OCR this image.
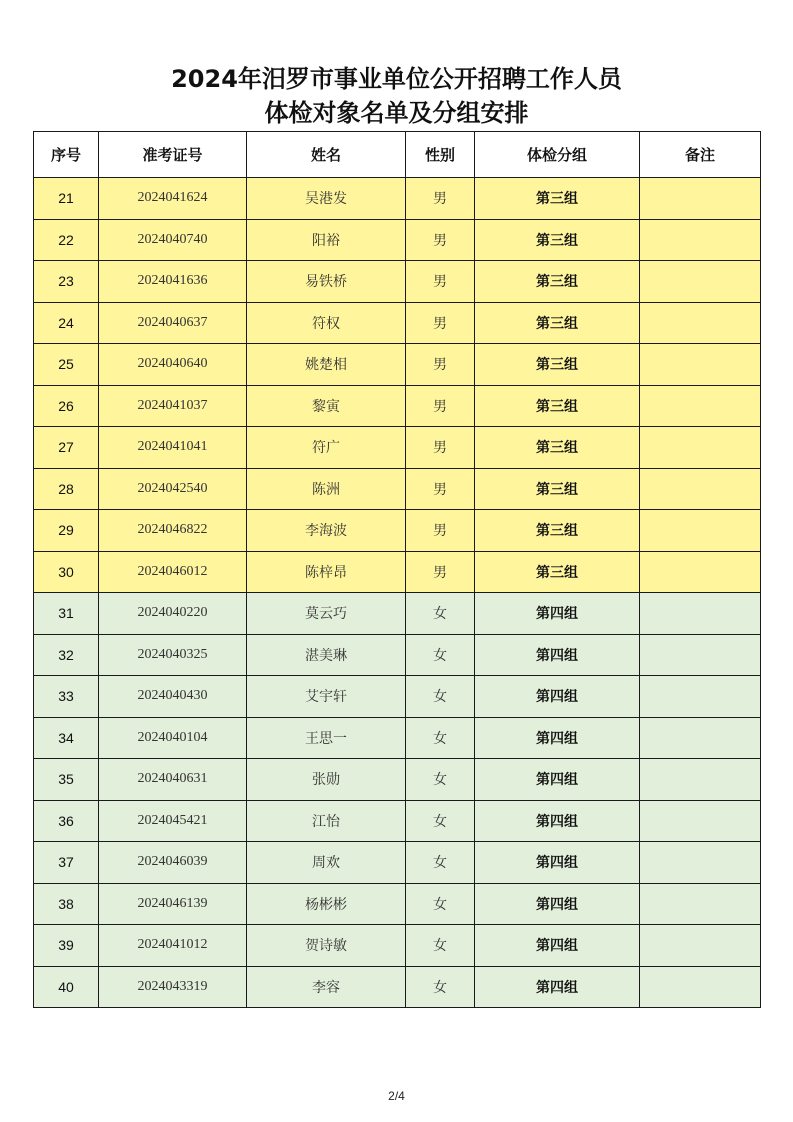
2024年汨罗市事业单位公开招聘工作人员
体检对象名单及分组安排
序号	准考证号	姓名	性别	体检分组	备注
21	2024041624	吴港发	男	第三组	
22	2024040740	阳裕	男	第三组	
23	2024041636	易铁桥	男	第三组	
24	2024040637	符权	男	第三组	
25	2024040640	姚楚相	男	第三组	
26	2024041037	黎寅	男	第三组	
27	2024041041	符广	男	第三组	
28	2024042540	陈洲	男	第三组	
29	2024046822	李海波	男	第三组	
30	2024046012	陈梓昂	男	第三组	
31	2024040220	莫云巧	女	第四组	
32	2024040325	湛美琳	女	第四组	
33	2024040430	艾宇轩	女	第四组	
34	2024040104	王思一	女	第四组	
35	2024040631	张勋	女	第四组	
36	2024045421	江怡	女	第四组	
37	2024046039	周欢	女	第四组	
38	2024046139	杨彬彬	女	第四组	
39	2024041012	贺诗敏	女	第四组	
40	2024043319	李容	女	第四组	
2/4
